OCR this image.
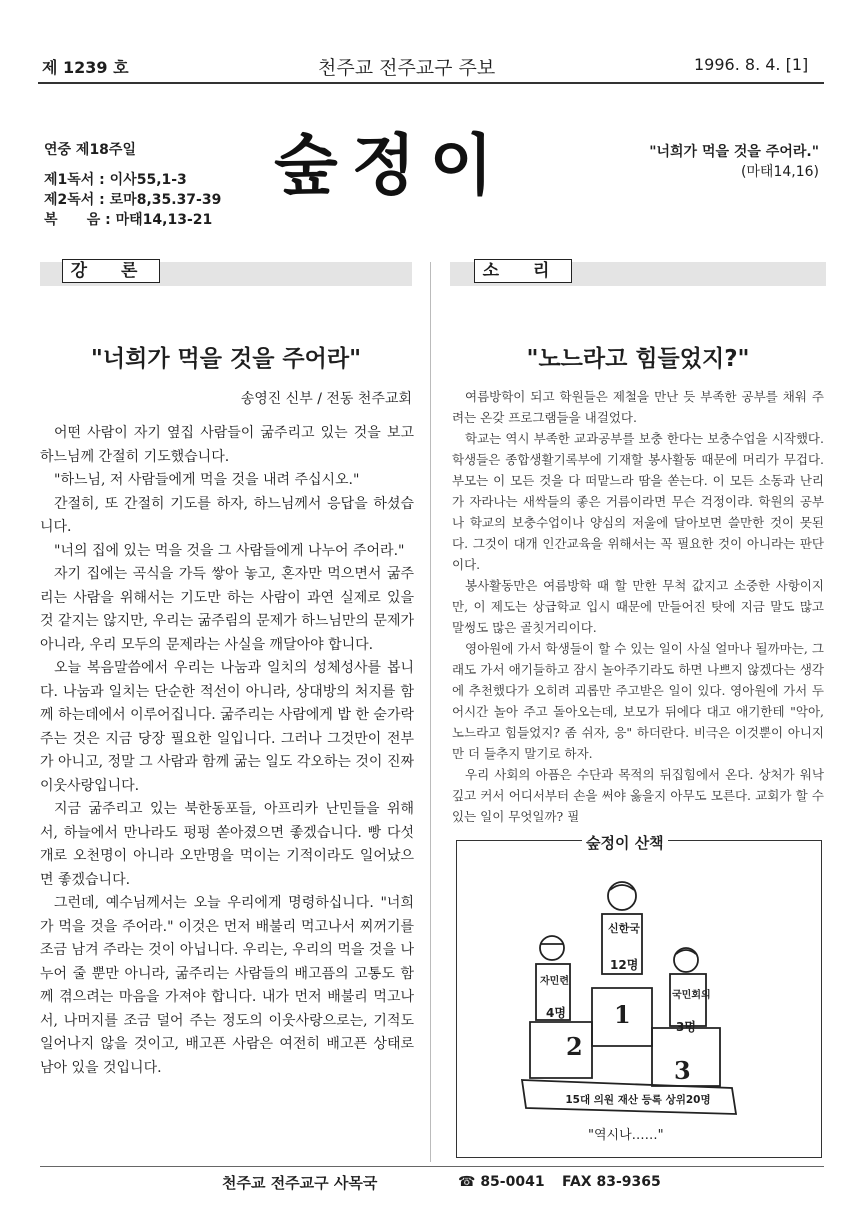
제 1239 호	천주교 전주교구 주보	1996. 8. 4. [1]
연중 제18주일
제1독서 : 이사55,1-3
제2독서 : 로마8,35.37-39
복      음 : 마태14,13-21
숲정이	"너희가 먹을 것을 주어라."
(마태14,16)
강 론	소 리
"너희가 먹을 것을 주어라"
송영진 신부 / 전동 천주교회

어떤 사람이 자기 옆집 사람들이 굶주리고 있는 것을 보고 하느님께 간절히 기도했습니다.

"하느님, 저 사람들에게 먹을 것을 내려 주십시오."

간절히, 또 간절히 기도를 하자, 하느님께서 응답을 하셨습니다.

"너의 집에 있는 먹을 것을 그 사람들에게 나누어 주어라."

자기 집에는 곡식을 가득 쌓아 놓고, 혼자만 먹으면서 굶주리는 사람을 위해서는 기도만 하는 사람이 과연 실제로 있을 것 같지는 않지만, 우리는 굶주림의 문제가 하느님만의 문제가 아니라, 우리 모두의 문제라는 사실을 깨달아야 합니다.

오늘 복음말씀에서 우리는 나눔과 일치의 성체성사를 봅니다. 나눔과 일치는 단순한 적선이 아니라, 상대방의 처지를 함께 하는데에서 이루어집니다. 굶주리는 사람에게 밥 한 숟가락 주는 것은 지금 당장 필요한 일입니다. 그러나 그것만이 전부가 아니고, 정말 그 사람과 함께 굶는 일도 각오하는 것이 진짜 이웃사랑입니다.

지금 굶주리고 있는 북한동포들, 아프리카 난민들을 위해서, 하늘에서 만나라도 펑펑 쏟아졌으면 좋겠습니다. 빵 다섯 개로 오천명이 아니라 오만명을 먹이는 기적이라도 일어났으면 좋겠습니다.

그런데, 예수님께서는 오늘 우리에게 명령하십니다. "너희가 먹을 것을 주어라." 이것은 먼저 배불리 먹고나서 찌꺼기를 조금 남겨 주라는 것이 아닙니다. 우리는, 우리의 먹을 것을 나누어 줄 뿐만 아니라, 굶주리는 사람들의 배고픔의 고통도 함께 겪으려는 마음을 가져야 합니다. 내가 먼저 배불리 먹고나서, 나머지를 조금 덜어 주는 정도의 이웃사랑으로는, 기적도 일어나지 않을 것이고, 배고픈 사람은 여전히 배고픈 상태로 남아 있을 것입니다.

"노느라고 힘들었지?"

여름방학이 되고 학원들은 제철을 만난 듯 부족한 공부를 채워 주려는 온갖 프로그램들을 내걸었다.

학교는 역시 부족한 교과공부를 보충 한다는 보충수업을 시작했다. 학생들은 종합생활기록부에 기재할 봉사활동 때문에 머리가 무겁다. 부모는 이 모든 것을 다 떠맡느라 땀을 쏟는다. 이 모든 소동과 난리가 자라나는 새싹들의 좋은 거름이라면 무슨 걱정이랴. 학원의 공부나 학교의 보충수업이나 양심의 저울에 달아보면 쓸만한 것이 못된다. 그것이 대개 인간교육을 위해서는 꼭 필요한 것이 아니라는 판단이다.

봉사활동만은 여름방학 때 할 만한 무척 값지고 소중한 사항이지만, 이 제도는 상급학교 입시 때문에 만들어진 탓에 지금 말도 많고 말썽도 많은 골칫거리이다.

영아원에 가서 학생들이 할 수 있는 일이 사실 얼마나 될까마는, 그래도 가서 애기들하고 잠시 놀아주기라도 하면 나쁘지 않겠다는 생각에 추천했다가 오히려 괴롭만 주고받은 일이 있다. 영아원에 가서 두어시간 놀아 주고 돌아오는데, 보모가 뒤에다 대고 애기한테 "악아, 노느라고 힘들었지? 좀 쉬자, 응" 하더란다. 비극은 이것뿐이 아니지만 더 들추지 말기로 하자.

우리 사회의 아픔은 수단과 목적의 뒤집힘에서 온다. 상처가 워낙 깊고 커서 어디서부터 손을 써야 옳을지 아무도 모른다. 교회가 할 수 있는 일이 무엇일까? 필

숲정이 산책
신한국
12명
1
자민련
4명
2
국민회의
3명
3
15대 의원 재산 등록 상위20명
"역시나……"
천주교 전주교구 사목국	☎ 85-0041 FAX 83-9365
